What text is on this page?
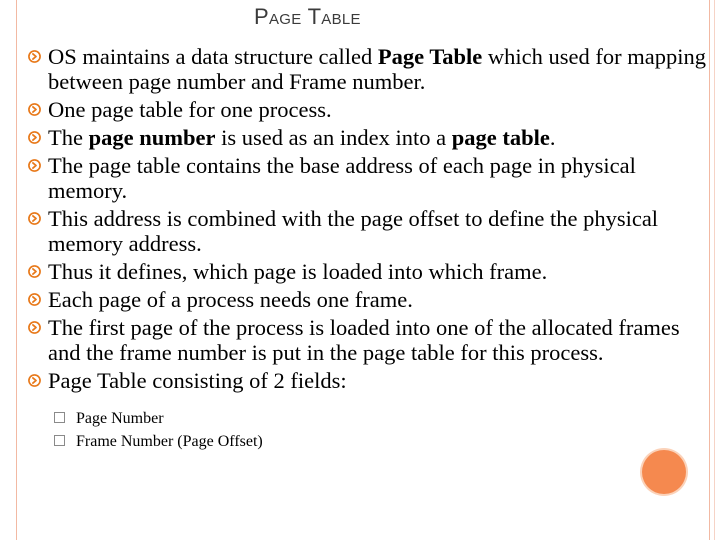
Page Table
OS maintains a data structure called Page Table which used for mapping between page number and Frame number.
One page table for one process.
The page number is used as an index into a page table.
The page table contains the base address of each page in physical memory.
This address is combined with the page offset to define the physical memory address.
Thus it defines, which page is loaded into which frame.
Each page of a process needs one frame.
The first page of the process is loaded into one of the allocated frames and the frame number is put in the page table for this process.
Page Table consisting of 2 fields:
Page Number
Frame Number (Page Offset)
